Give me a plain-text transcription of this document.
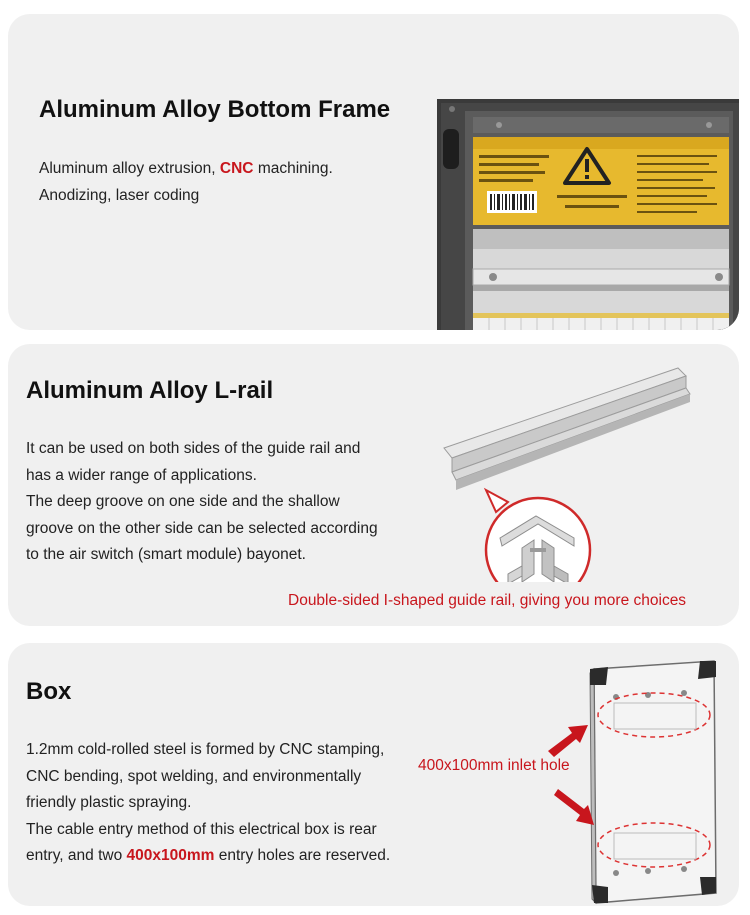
Aluminum Alloy Bottom Frame
Aluminum alloy extrusion, CNC machining.
Anodizing, laser coding
Aluminum Alloy L-rail
It can be used on both sides of the guide rail and
has a wider range of applications.
The deep groove on one side and the shallow
groove on the other side can be selected according
to the air switch (smart module) bayonet.
Double-sided I-shaped guide rail, giving you more choices
Box
1.2mm cold-rolled steel is formed by CNC stamping,
CNC bending, spot welding, and environmentally
friendly plastic spraying.
The cable entry method of this electrical box is rear
entry, and two 400x100mm entry holes are reserved.
400x100mm inlet hole
